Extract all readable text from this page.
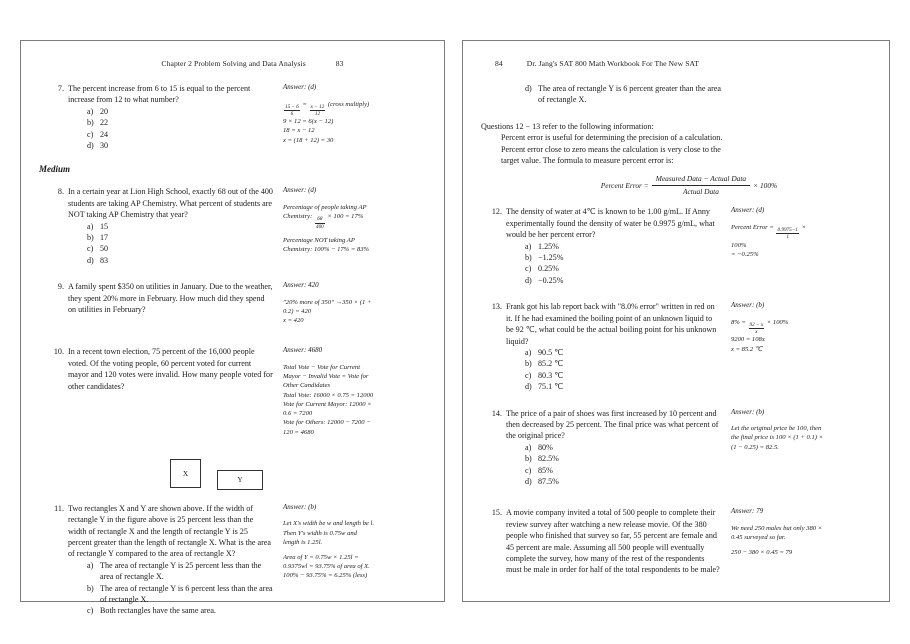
Chapter 2 Problem Solving and Data Analysis	83
7. The percent increase from 6 to 15 is equal to the percent increase from 12 to what number?
a) 20
b) 22
c) 24
d) 30
Answer: (d)
$\frac{15 - 6}{6} = \frac{x - 12}{12}$ (cross multiply)
9 × 12 = 6(x − 12)
18 = x − 12
x = (18 + 12) = 30
Medium
8. In a certain year at Lion High School, exactly 68 out of the 400 students are taking AP Chemistry. What percent of students are NOT taking AP Chemistry that year?
a) 15
b) 17
c) 50
d) 83
Answer: (d)
Percentage of people taking AP
Chemistry: $\frac{68}{400} \times 100 = 17\%$
Percentage NOT taking AP
Chemistry: 100% − 17% = 83%
9. A family spent $350 on utilities in January. Due to the weather, they spent 20% more in February. How much did they spend on utilities in February?
Answer: 420
"20% more of 350" →350 × (1 +
0.2) = 420
x = 420
10. In a recent town election, 75 percent of the 16,000 people voted. Of the voting people, 60 percent voted for current mayor and 120 votes were invalid. How many people voted for other candidates?
Answer: 4680
Total Vote − Vote for Current
Mayor − Invalid Vote = Vote for
Other Candidates
Total Vote: 16000 × 0.75 = 12000
Vote for Current Mayor: 12000 ×
0.6 = 7200
Vote for Others: 12000 − 7200 −
120 = 4680
X
Y
11. Two rectangles X and Y are shown above. If the width of rectangle Y in the figure above is 25 percent less than the width of rectangle X and the length of rectangle Y is 25 percent greater than the length of rectangle X. What is the area of rectangle Y compared to the area of rectangle X?
a) The area of rectangle Y is 25 percent less than the area of rectangle X.
b) The area of rectangle Y is 6 percent less than the area of rectangle X.
c) Both rectangles have the same area.
Answer: (b)
Let X's width be w and length be l.
Then Y's width is 0.75w and
length is 1.25l.
Area of Y = 0.75w × 1.25l =
0.9375wl = 93.75% of area of X.
100% − 93.75% = 6.25% (less)
84	Dr. Jang's SAT 800 Math Workbook For The New SAT
d) The area of rectangle Y is 6 percent greater than the area of rectangle X.
Questions 12 − 13 refer to the following information:
Percent error is useful for determining the precision of a calculation. Percent error close to zero means the calculation is very close to the target value. The formula to measure percent error is:
Percent Error = $\frac{\text{Measured Data − Actual Data}}{\text{Actual Data}} \times 100\%$
12. The density of water at 4℃ is known to be 1.00 g/mL. If Anny experimentally found the density of water be 0.9975 g/mL, what would be her percent error?
a) 1.25%
b) −1.25%
c) 0.25%
d) −0.25%
Answer: (d)
Percent Error = $\frac{0.9975-1}{1}$ ×
100%
= −0.25%
13. Frank got his lab report back with "8.0% error" written in red on it. If he had examined the boiling point of an unknown liquid to be 92 ℃, what could be the actual boiling point for his unknown liquid?
a) 90.5 ℃
b) 85.2 ℃
c) 80.3 ℃
d) 75.1 ℃
Answer: (b)
$8\% = \frac{92 - x}{x} \times 100\%$
9200 = 108x
x = 85.2 ℃
14. The price of a pair of shoes was first increased by 10 percent and then decreased by 25 percent. The final price was what percent of the original price?
a) 80%
b) 82.5%
c) 85%
d) 87.5%
Answer: (b)
Let the original price be 100, then
the final price is 100 × (1 + 0.1) ×
(1 − 0.25) = 82.5.
15. A movie company invited a total of 500 people to complete their review survey after watching a new release movie. Of the 380 people who finished that survey so far, 55 percent are female and 45 percent are male. Assuming all 500 people will eventually complete the survey, how many of the rest of the respondents must be male in order for half of the total respondents to be male?
Answer: 79
We need 250 males but only 380 ×
0.45 surveyed so far.
250 − 380 × 0.45 = 79
